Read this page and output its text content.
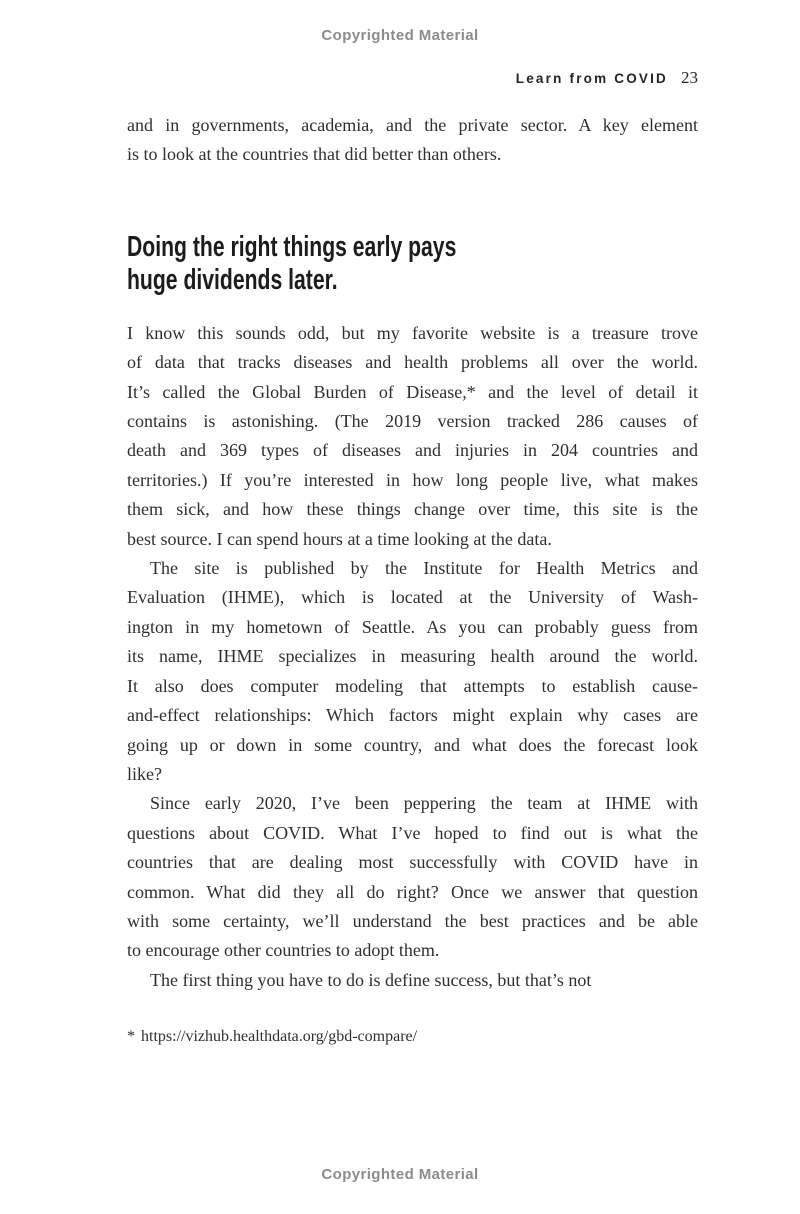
Copyrighted Material
Learn from COVID 23
and in governments, academia, and the private sector. A key element
is to look at the countries that did better than others.
Doing the right things early pays
huge dividends later.
I know this sounds odd, but my favorite website is a treasure trove
of data that tracks diseases and health problems all over the world.
It’s called the Global Burden of Disease,* and the level of detail it
contains is astonishing. (The 2019 version tracked 286 causes of
death and 369 types of diseases and injuries in 204 countries and
territories.) If you’re interested in how long people live, what makes
them sick, and how these things change over time, this site is the
best source. I can spend hours at a time looking at the data.
The site is published by the Institute for Health Metrics and
Evaluation (IHME), which is located at the University of Wash-
ington in my hometown of Seattle. As you can probably guess from
its name, IHME specializes in measuring health around the world.
It also does computer modeling that attempts to establish cause-
and-effect relationships: Which factors might explain why cases are
going up or down in some country, and what does the forecast look
like?
Since early 2020, I’ve been peppering the team at IHME with
questions about COVID. What I’ve hoped to find out is what the
countries that are dealing most successfully with COVID have in
common. What did they all do right? Once we answer that question
with some certainty, we’ll understand the best practices and be able
to encourage other countries to adopt them.
The first thing you have to do is define success, but that’s not
* https://vizhub.healthdata.org/gbd-compare/
Copyrighted Material
